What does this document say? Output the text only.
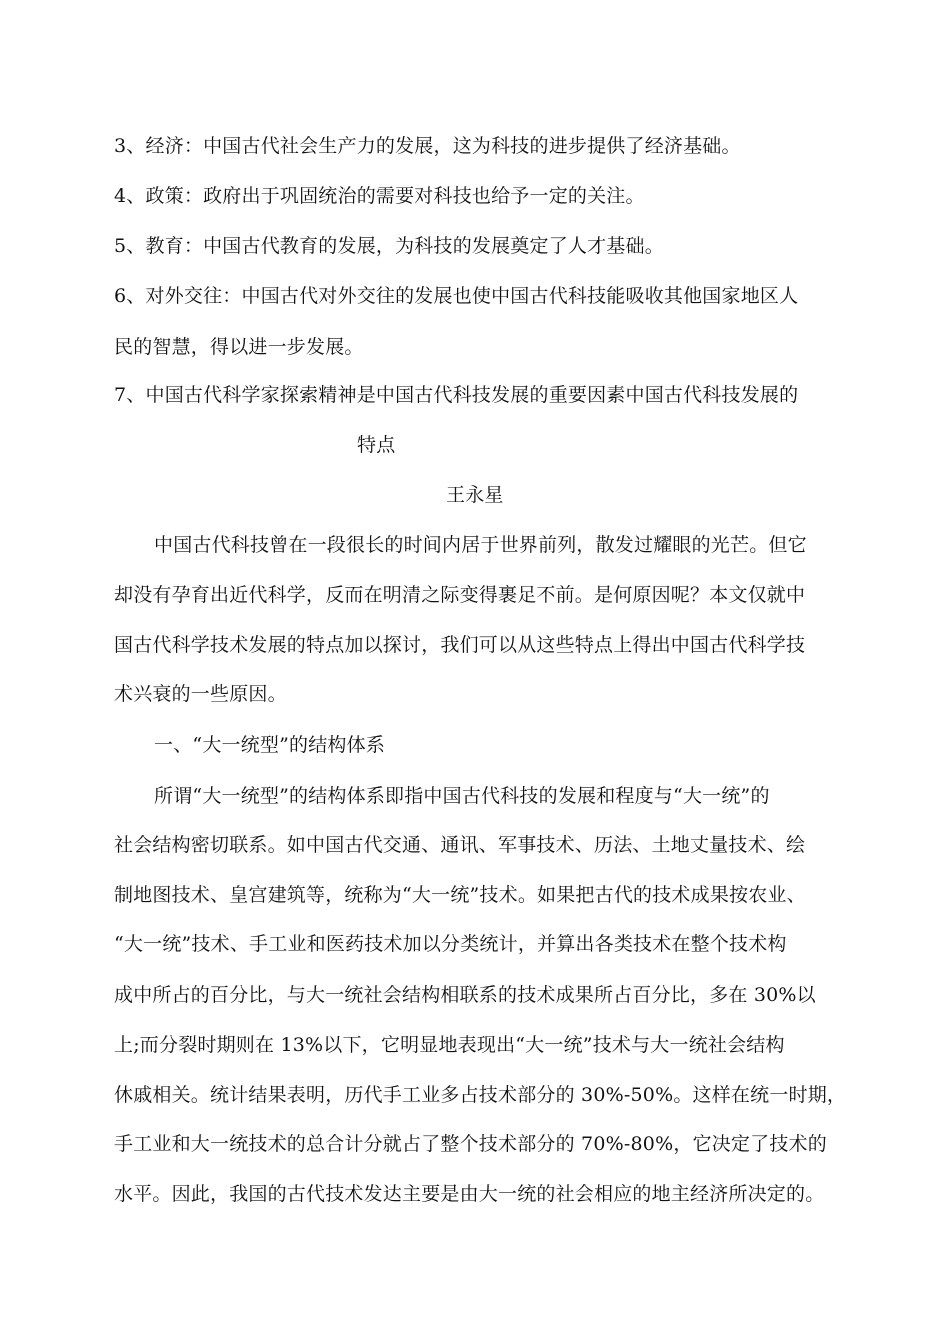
3、经济：中国古代社会生产力的发展，这为科技的进步提供了经济基础。
4、政策：政府出于巩固统治的需要对科技也给予一定的关注。
5、教育：中国古代教育的发展，为科技的发展奠定了人才基础。
6、对外交往：中国古代对外交往的发展也使中国古代科技能吸收其他国家地区人
民的智慧，得以进一步发展。
7、中国古代科学家探索精神是中国古代科技发展的重要因素中国古代科技发展的
特点
王永星
中国古代科技曾在一段很长的时间内居于世界前列，散发过耀眼的光芒。但它
却没有孕育出近代科学，反而在明清之际变得裹足不前。是何原因呢？本文仅就中
国古代科学技术发展的特点加以探讨，我们可以从这些特点上得出中国古代科学技
术兴衰的一些原因。
一、“大一统型”的结构体系
所谓“大一统型”的结构体系即指中国古代科技的发展和程度与“大一统”的
社会结构密切联系。如中国古代交通、通讯、军事技术、历法、土地丈量技术、绘
制地图技术、皇宫建筑等，统称为“大一统”技术。如果把古代的技术成果按农业、
“大一统”技术、手工业和医药技术加以分类统计，并算出各类技术在整个技术构
成中所占的百分比，与大一统社会结构相联系的技术成果所占百分比，多在 30%以
上;而分裂时期则在 13%以下，它明显地表现出“大一统”技术与大一统社会结构
休戚相关。统计结果表明，历代手工业多占技术部分的 30%-50%。这样在统一时期，
手工业和大一统技术的总合计分就占了整个技术部分的 70%-80%，它决定了技术的
水平。因此，我国的古代技术发达主要是由大一统的社会相应的地主经济所决定的。
